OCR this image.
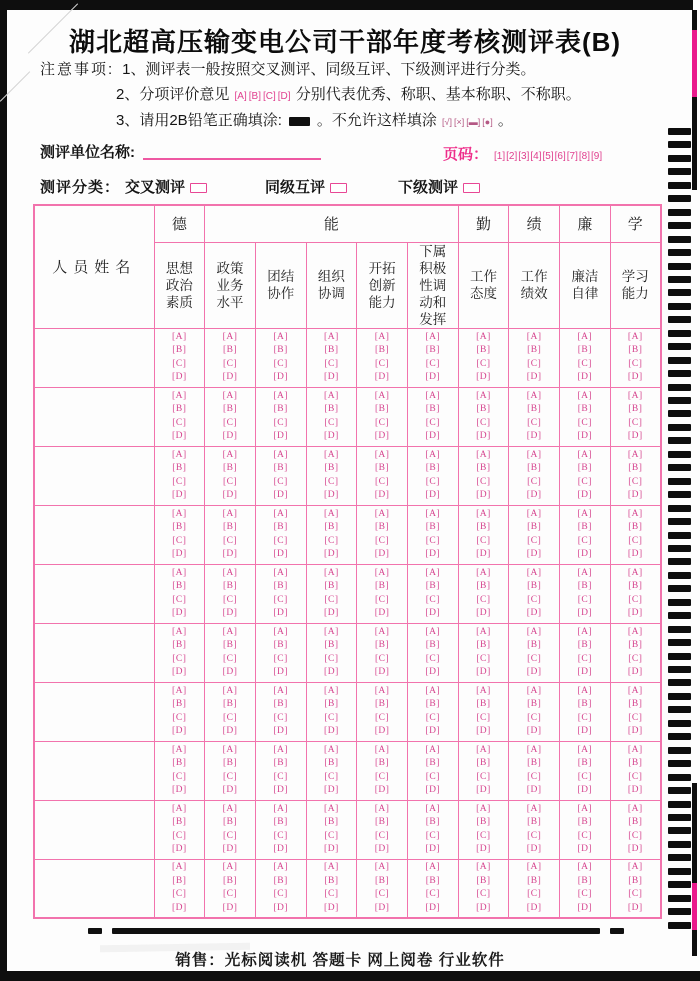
湖北超高压输变电公司干部年度考核测评表(B)
注意事项: 1、测评表一般按照交叉测评、同级互评、下级测评进行分类。
2、分项评价意见 [A] [B] [C] [D] 分别代表优秀、称职、基本称职、不称职。
3、请用2B铅笔正确填涂: 。不允许这样填涂 [√] [×] [▬] [●] 。
测评单位名称:	页码： [1][2][3][4][5][6][7][8][9]
测评分类： 交叉测评	同级互评	下级测评
人员姓名	德	能					勤	绩	廉	学
	思想政治素质	政策业务水平	团结协作	组织协调	开拓创新能力	下属积极性调动和发挥	工作态度	工作绩效	廉洁自律	学习能力

	[A]
[B]
[C]
[D]	[A]
[B]
[C]
[D]	[A]
[B]
[C]
[D]	[A]
[B]
[C]
[D]	[A]
[B]
[C]
[D]	[A]
[B]
[C]
[D]	[A]
[B]
[C]
[D]	[A]
[B]
[C]
[D]	[A]
[B]
[C]
[D]	[A]
[B]
[C]
[D]

	[A]
[B]
[C]
[D]	[A]
[B]
[C]
[D]	[A]
[B]
[C]
[D]	[A]
[B]
[C]
[D]	[A]
[B]
[C]
[D]	[A]
[B]
[C]
[D]	[A]
[B]
[C]
[D]	[A]
[B]
[C]
[D]	[A]
[B]
[C]
[D]	[A]
[B]
[C]
[D]

	[A]
[B]
[C]
[D]	[A]
[B]
[C]
[D]	[A]
[B]
[C]
[D]	[A]
[B]
[C]
[D]	[A]
[B]
[C]
[D]	[A]
[B]
[C]
[D]	[A]
[B]
[C]
[D]	[A]
[B]
[C]
[D]	[A]
[B]
[C]
[D]	[A]
[B]
[C]
[D]

	[A]
[B]
[C]
[D]	[A]
[B]
[C]
[D]	[A]
[B]
[C]
[D]	[A]
[B]
[C]
[D]	[A]
[B]
[C]
[D]	[A]
[B]
[C]
[D]	[A]
[B]
[C]
[D]	[A]
[B]
[C]
[D]	[A]
[B]
[C]
[D]	[A]
[B]
[C]
[D]

	[A]
[B]
[C]
[D]	[A]
[B]
[C]
[D]	[A]
[B]
[C]
[D]	[A]
[B]
[C]
[D]	[A]
[B]
[C]
[D]	[A]
[B]
[C]
[D]	[A]
[B]
[C]
[D]	[A]
[B]
[C]
[D]	[A]
[B]
[C]
[D]	[A]
[B]
[C]
[D]

	[A]
[B]
[C]
[D]	[A]
[B]
[C]
[D]	[A]
[B]
[C]
[D]	[A]
[B]
[C]
[D]	[A]
[B]
[C]
[D]	[A]
[B]
[C]
[D]	[A]
[B]
[C]
[D]	[A]
[B]
[C]
[D]	[A]
[B]
[C]
[D]	[A]
[B]
[C]
[D]

	[A]
[B]
[C]
[D]	[A]
[B]
[C]
[D]	[A]
[B]
[C]
[D]	[A]
[B]
[C]
[D]	[A]
[B]
[C]
[D]	[A]
[B]
[C]
[D]	[A]
[B]
[C]
[D]	[A]
[B]
[C]
[D]	[A]
[B]
[C]
[D]	[A]
[B]
[C]
[D]

	[A]
[B]
[C]
[D]	[A]
[B]
[C]
[D]	[A]
[B]
[C]
[D]	[A]
[B]
[C]
[D]	[A]
[B]
[C]
[D]	[A]
[B]
[C]
[D]	[A]
[B]
[C]
[D]	[A]
[B]
[C]
[D]	[A]
[B]
[C]
[D]	[A]
[B]
[C]
[D]

	[A]
[B]
[C]
[D]	[A]
[B]
[C]
[D]	[A]
[B]
[C]
[D]	[A]
[B]
[C]
[D]	[A]
[B]
[C]
[D]	[A]
[B]
[C]
[D]	[A]
[B]
[C]
[D]	[A]
[B]
[C]
[D]	[A]
[B]
[C]
[D]	[A]
[B]
[C]
[D]

	[A]
[B]
[C]
[D]	[A]
[B]
[C]
[D]	[A]
[B]
[C]
[D]	[A]
[B]
[C]
[D]	[A]
[B]
[C]
[D]	[A]
[B]
[C]
[D]	[A]
[B]
[C]
[D]	[A]
[B]
[C]
[D]	[A]
[B]
[C]
[D]	[A]
[B]
[C]
[D]
销售：光标阅读机 答题卡 网上阅卷 行业软件
